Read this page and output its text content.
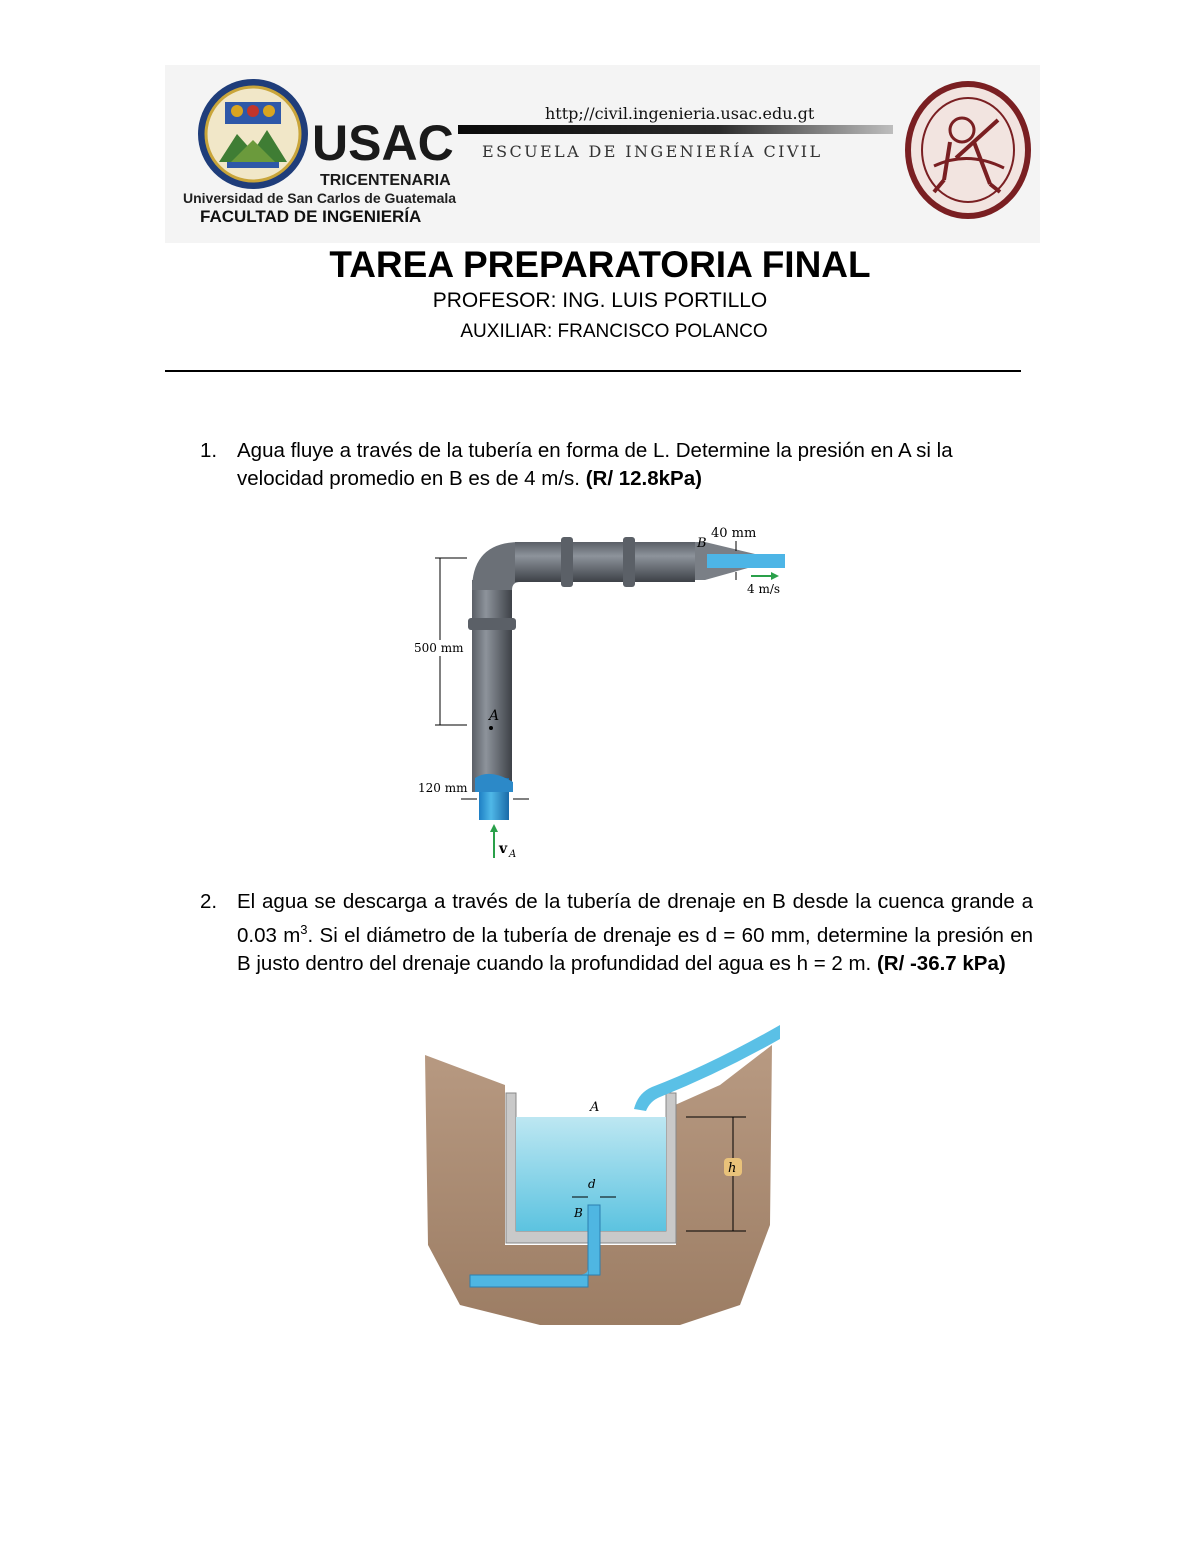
USAC
TRICENTENARIA
Universidad de San Carlos de Guatemala
FACULTAD DE INGENIERÍA
http;//civil.ingenieria.usac.edu.gt
ESCUELA DE INGENIERÍA CIVIL
TAREA PREPARATORIA FINAL
PROFESOR: ING. LUIS PORTILLO
AUXILIAR: FRANCISCO POLANCO
1. Agua fluye a través de la tubería en forma de L. Determine la presión en A si la velocidad promedio en B es de 4 m/s. (R/ 12.8kPa)
40 mm
B
4 m/s
500 mm
A
120 mm
v A
2. El agua se descarga a través de la tubería de drenaje en B desde la cuenca grande a 0.03 $m^3$. Si el diámetro de la tubería de drenaje es d = 60 mm, determine la presión en B justo dentro del drenaje cuando la profundidad del agua es h = 2 m. (R/ -36.7 kPa)
A
h
d
B
